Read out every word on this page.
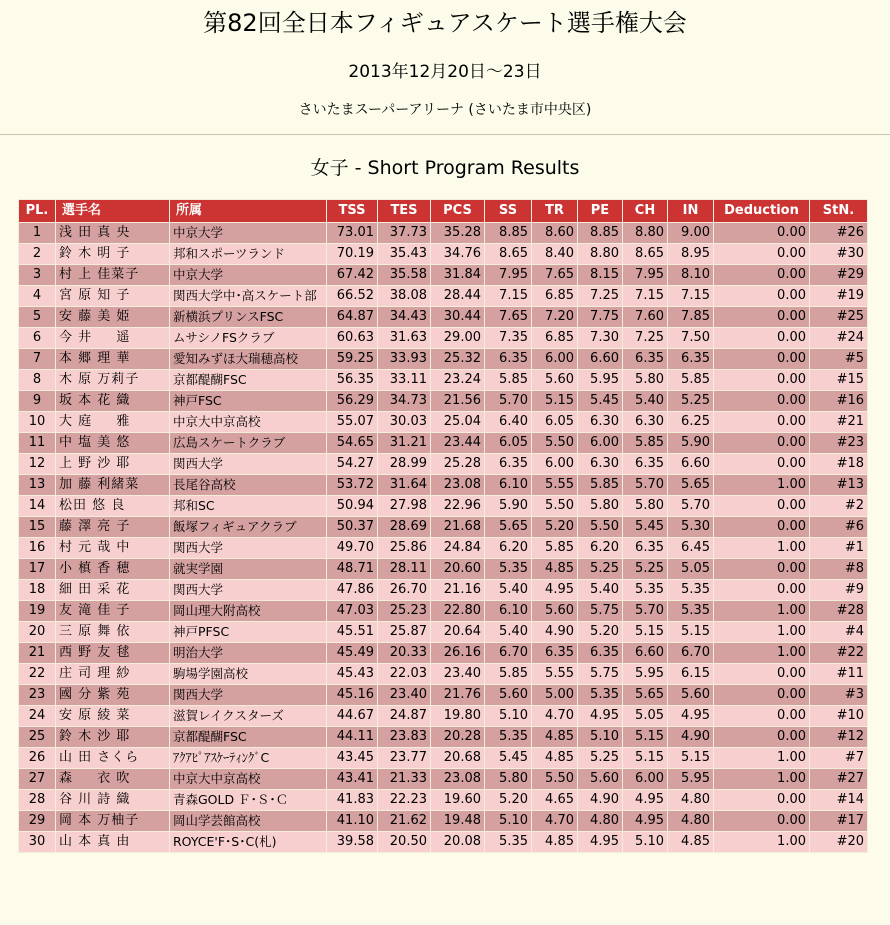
第82回全日本フィギュアスケート選手権大会
2013年12月20日～23日
さいたまスーパーアリーナ (さいたま市中央区)
女子 - Short Program Results
PL.	選手名	所属	TSS	TES	PCS	SS	TR	PE	CH	IN	Deduction	StN.
1	浅 田 真 央	中京大学	73.01	37.73	35.28	8.85	8.60	8.85	8.80	9.00	0.00	#26
2	鈴 木 明 子	邦和スポーツランド	70.19	35.43	34.76	8.65	8.40	8.80	8.65	8.95	0.00	#30
3	村 上 佳菜子	中京大学	67.42	35.58	31.84	7.95	7.65	8.15	7.95	8.10	0.00	#29
4	宮 原 知 子	関西大学中･高スケート部	66.52	38.08	28.44	7.15	6.85	7.25	7.15	7.15	0.00	#19
5	安 藤 美 姫	新横浜プリンスFSC	64.87	34.43	30.44	7.65	7.20	7.75	7.60	7.85	0.00	#25
6	今 井 　 遥	ムサシノFSクラブ	60.63	31.63	29.00	7.35	6.85	7.30	7.25	7.50	0.00	#24
7	本 郷 理 華	愛知みずほ大瑞穂高校	59.25	33.93	25.32	6.35	6.00	6.60	6.35	6.35	0.00	#5
8	木 原 万莉子	京都醍醐FSC	56.35	33.11	23.24	5.85	5.60	5.95	5.80	5.85	0.00	#15
9	坂 本 花 織	神戸FSC	56.29	34.73	21.56	5.70	5.15	5.45	5.40	5.25	0.00	#16
10	大 庭 　 雅	中京大中京高校	55.07	30.03	25.04	6.40	6.05	6.30	6.30	6.25	0.00	#21
11	中 塩 美 悠	広島スケートクラブ	54.65	31.21	23.44	6.05	5.50	6.00	5.85	5.90	0.00	#23
12	上 野 沙 耶	関西大学	54.27	28.99	25.28	6.35	6.00	6.30	6.35	6.60	0.00	#18
13	加 藤 利緒菜	長尾谷高校	53.72	31.64	23.08	6.10	5.55	5.85	5.70	5.65	1.00	#13
14	松田 悠 良	邦和SC	50.94	27.98	22.96	5.90	5.50	5.80	5.80	5.70	0.00	#2
15	藤 澤 亮 子	飯塚フィギュアクラブ	50.37	28.69	21.68	5.65	5.20	5.50	5.45	5.30	0.00	#6
16	村 元 哉 中	関西大学	49.70	25.86	24.84	6.20	5.85	6.20	6.35	6.45	1.00	#1
17	小 槙 香 穂	就実学園	48.71	28.11	20.60	5.35	4.85	5.25	5.25	5.05	0.00	#8
18	細 田 采 花	関西大学	47.86	26.70	21.16	5.40	4.95	5.40	5.35	5.35	0.00	#9
19	友 滝 佳 子	岡山理大附高校	47.03	25.23	22.80	6.10	5.60	5.75	5.70	5.35	1.00	#28
20	三 原 舞 依	神戸PFSC	45.51	25.87	20.64	5.40	4.90	5.20	5.15	5.15	1.00	#4
21	西 野 友 毬	明治大学	45.49	20.33	26.16	6.70	6.35	6.35	6.60	6.70	1.00	#22
22	庄 司 理 紗	駒場学園高校	45.43	22.03	23.40	5.85	5.55	5.75	5.95	6.15	0.00	#11
23	國 分 紫 苑	関西大学	45.16	23.40	21.76	5.60	5.00	5.35	5.65	5.60	0.00	#3
24	安 原 綾 菜	滋賀レイクスターズ	44.67	24.87	19.80	5.10	4.70	4.95	5.05	4.95	0.00	#10
25	鈴 木 沙 耶	京都醍醐FSC	44.11	23.83	20.28	5.35	4.85	5.10	5.15	4.90	0.00	#12
26	山 田 さくら	ｱｸｱﾋﾟｱｽｹｰﾃｨﾝｸﾞC	43.45	23.77	20.68	5.45	4.85	5.25	5.15	5.15	1.00	#7
27	森 　 衣 吹	中京大中京高校	43.41	21.33	23.08	5.80	5.50	5.60	6.00	5.95	1.00	#27
28	谷 川 詩 織	青森GOLD Ｆ･Ｓ･Ｃ	41.83	22.23	19.60	5.20	4.65	4.90	4.95	4.80	0.00	#14
29	岡 本 万柚子	岡山学芸館高校	41.10	21.62	19.48	5.10	4.70	4.80	4.95	4.80	0.00	#17
30	山 本 真 由	ROYCE'F･S･C(札)	39.58	20.50	20.08	5.35	4.85	4.95	5.10	4.85	1.00	#20
